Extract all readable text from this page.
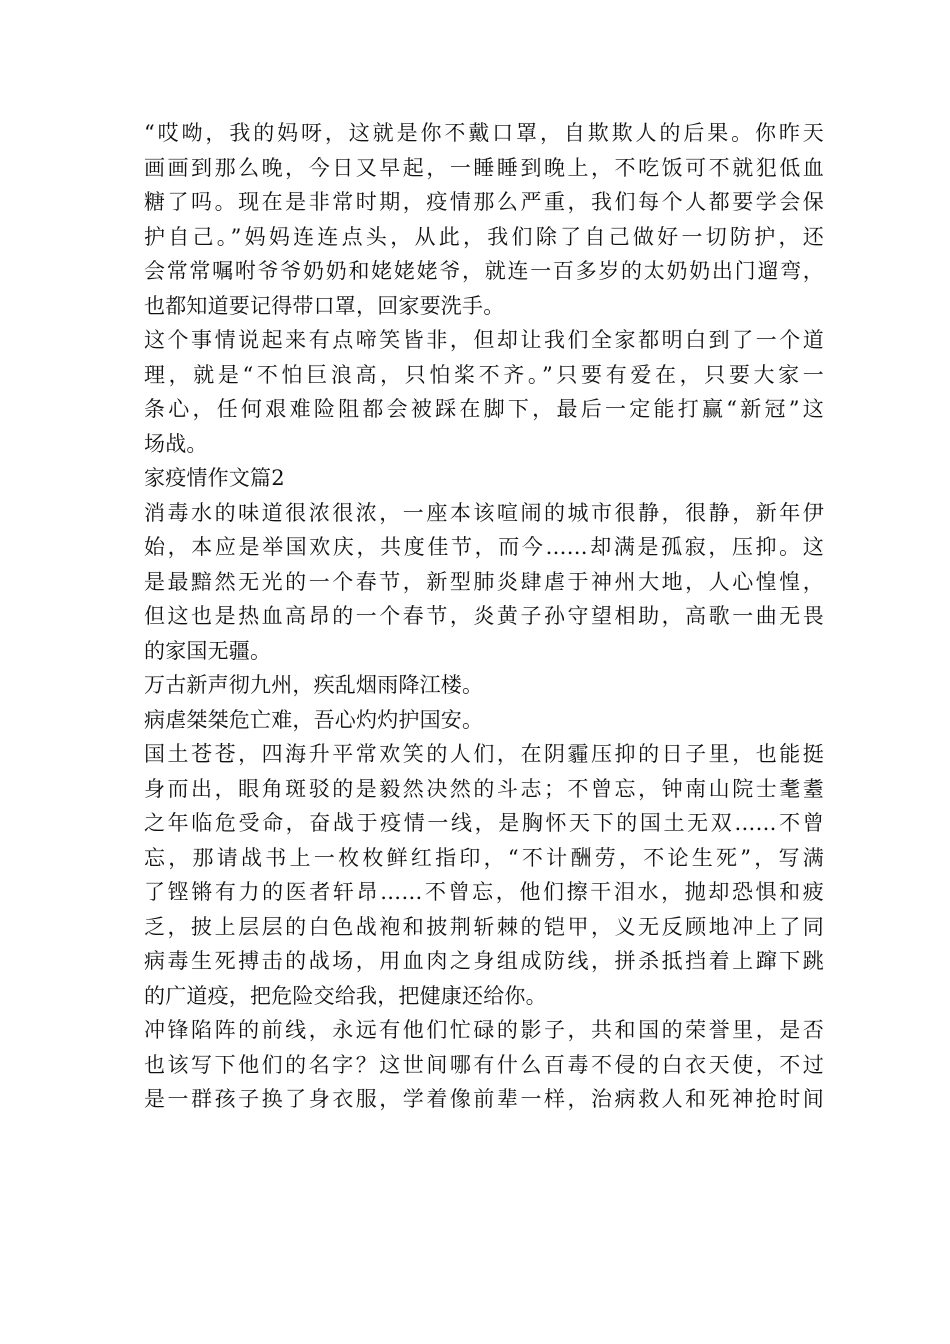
“哎呦，我的妈呀，这就是你不戴口罩，自欺欺人的后果。你昨天
画画到那么晚，今日又早起，一睡睡到晚上，不吃饭可不就犯低血
糖了吗。现在是非常时期，疫情那么严重，我们每个人都要学会保
护自己。”妈妈连连点头，从此，我们除了自己做好一切防护，还
会常常嘱咐爷爷奶奶和姥姥姥爷，就连一百多岁的太奶奶出门遛弯，
也都知道要记得带口罩，回家要洗手。
这个事情说起来有点啼笑皆非，但却让我们全家都明白到了一个道
理，就是“不怕巨浪高，只怕桨不齐。”只要有爱在，只要大家一
条心，任何艰难险阻都会被踩在脚下，最后一定能打赢“新冠”这
场战。
家疫情作文篇2
消毒水的味道很浓很浓，一座本该喧闹的城市很静，很静，新年伊
始，本应是举国欢庆，共度佳节，而今……却满是孤寂，压抑。这
是最黯然无光的一个春节，新型肺炎肆虐于神州大地，人心惶惶，
但这也是热血高昂的一个春节，炎黄子孙守望相助，高歌一曲无畏
的家国无疆。
万古新声彻九州，疾乱烟雨降江楼。
病虐桀桀危亡难，吾心灼灼护国安。
国土苍苍，四海升平常欢笑的人们，在阴霾压抑的日子里，也能挺
身而出，眼角斑驳的是毅然决然的斗志；不曾忘，钟南山院士耄耋
之年临危受命，奋战于疫情一线，是胸怀天下的国土无双……不曾
忘，那请战书上一枚枚鲜红指印，“不计酬劳，不论生死”，写满
了铿锵有力的医者轩昂……不曾忘，他们擦干泪水，抛却恐惧和疲
乏，披上层层的白色战袍和披荆斩棘的铠甲，义无反顾地冲上了同
病毒生死搏击的战场，用血肉之身组成防线，拼杀抵挡着上蹿下跳
的广道疫，把危险交给我，把健康还给你。
冲锋陷阵的前线，永远有他们忙碌的影子，共和国的荣誉里，是否
也该写下他们的名字？这世间哪有什么百毒不侵的白衣天使，不过
是一群孩子换了身衣服，学着像前辈一样，治病救人和死神抢时间
